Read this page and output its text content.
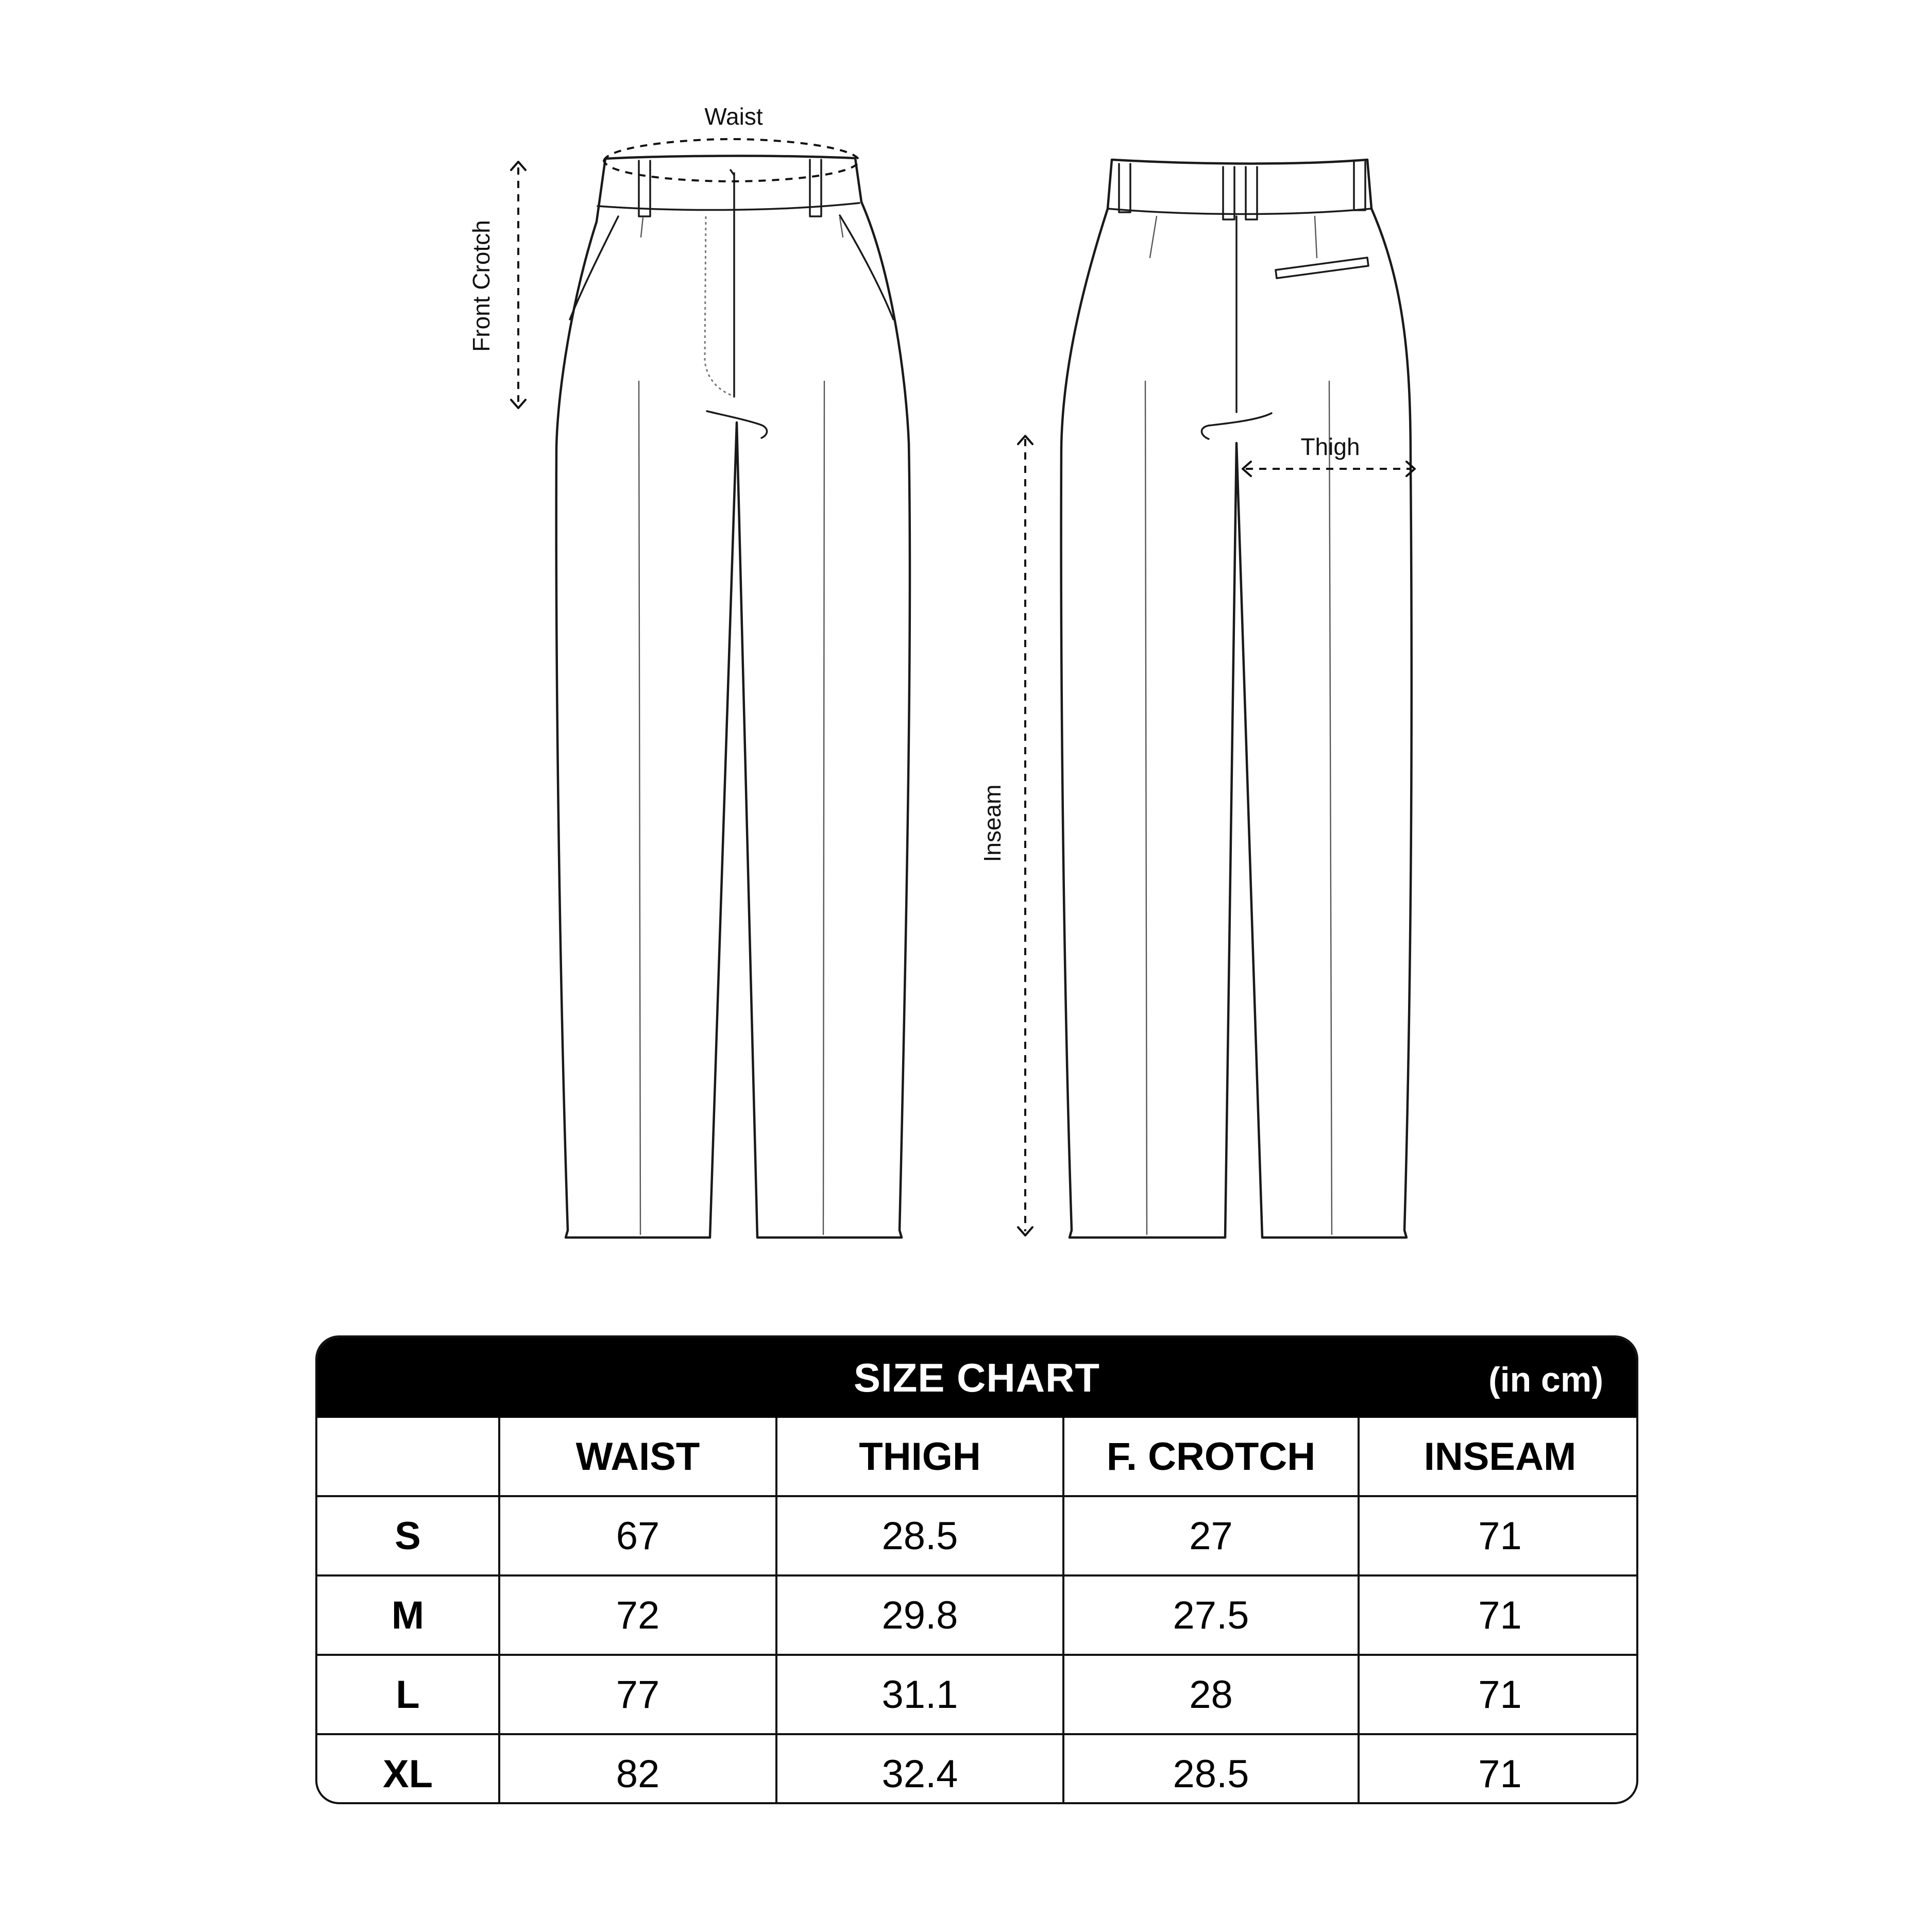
Waist
Front Crotch
Thigh
Inseam
SIZE CHART	(in cm)
	WAIST	THIGH	F. CROTCH	INSEAM
S	67	28.5	27	71
M	72	29.8	27.5	71
L	77	31.1	28	71
XL	82	32.4	28.5	71
